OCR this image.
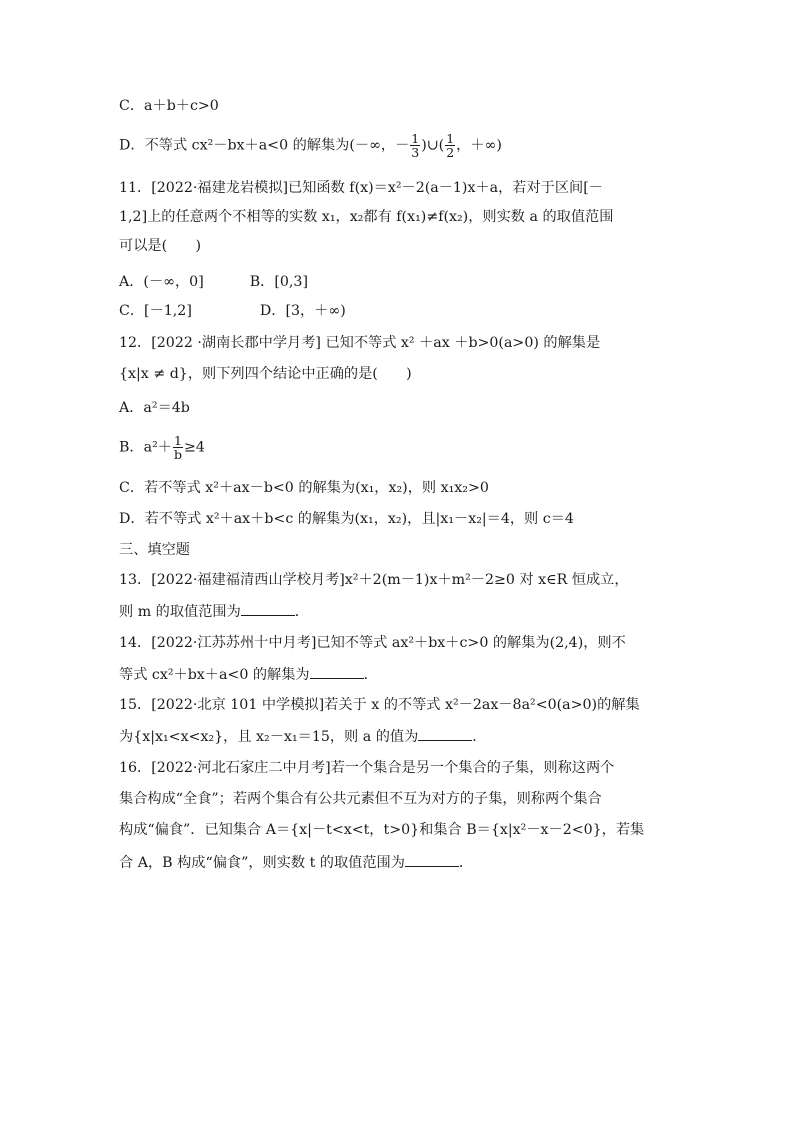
C．a＋b＋c>0
D．不等式 cx²－bx＋a<0 的解集为(－∞，－ $\frac{1}{3}$ )∪( $\frac{1}{2}$ ，＋∞)
11．[2022·福建龙岩模拟]已知函数 f(x)＝x²－2(a－1)x＋a，若对于区间[－
1,2]上的任意两个不相等的实数 x₁，x₂都有 f(x₁)≠f(x₂)，则实数 a 的取值范围
可以是(　　)
A．(－∞，0]	B．[0,3]
C．[－1,2]	D．[3，＋∞)
12．[2022 ·湖南长郡中学月考] 已知不等式 x² ＋ax ＋b>0(a>0) 的解集是
{x|x ≠ d}，则下列四个结论中正确的是(　　)
A．a²＝4b
B．$a^2+ \frac{1}{b} \ge 4$
C．若不等式 x²＋ax－b<0 的解集为(x₁，x₂)，则 x₁x₂>0
D．若不等式 x²＋ax＋b<c 的解集为(x₁，x₂)，且|x₁－x₂|＝4，则 c＝4
三、填空题
13．[2022·福建福清西山学校月考]x²＋2(m－1)x＋m²－2≥0 对 x∈R 恒成立，
则 m 的取值范围为	．
14．[2022·江苏苏州十中月考]已知不等式 ax²＋bx＋c>0 的解集为(2,4)，则不
等式 cx²＋bx＋a<0 的解集为	．
15．[2022·北京 101 中学模拟]若关于 x 的不等式 x²－2ax－8a²<0(a>0)的解集
为{x|x₁<x<x₂}，且 x₂－x₁＝15，则 a 的值为	．
16．[2022·河北石家庄二中月考]若一个集合是另一个集合的子集，则称这两个
集合构成“全食”；若两个集合有公共元素但不互为对方的子集，则称两个集合
构成“偏食”．已知集合 A＝{x|－t<x<t，t>0}和集合 B＝{x|x²－x－2<0}，若集
合 A，B 构成“偏食”，则实数 t 的取值范围为	．
